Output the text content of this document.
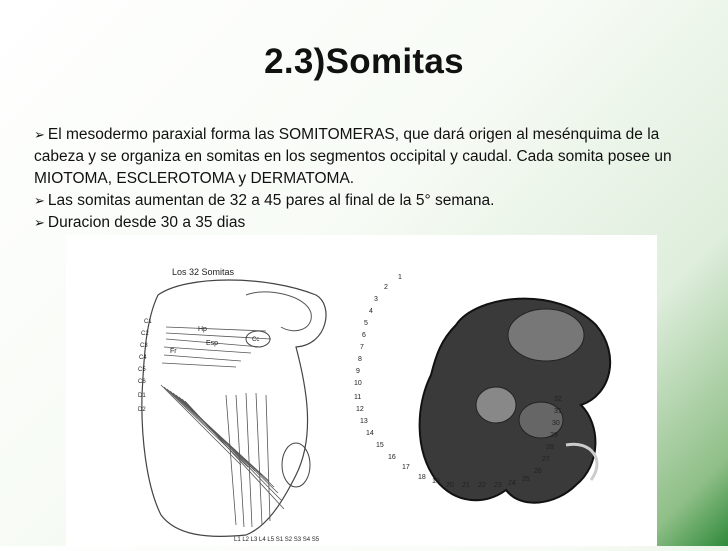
2.3)Somitas
➢ El mesodermo paraxial forma las SOMITOMERAS, que dará origen al mesénquima de la cabeza y se organiza en somitas en los segmentos occipital y caudal. Cada somita posee un MIOTOMA, ESCLEROTOMA y DERMATOMA.
➢ Las somitas aumentan de 32 a 45 pares al final de la 5° semana.
➢ Duracion desde 30 a 35 dias
Los 32 Somitas
Hp
Esp
Fr
Cc
C1
C2
C3
C4
C5
C6
D1
D2
L1 L2 L3 L4 L5 S1 S2 S3 S4 S5
1
2
3
4
5
6
7
8
9
10
11
12
13
14
15
16
17
18
19
20 21 22 23 24
25
26
27
28
29
30
31
32
